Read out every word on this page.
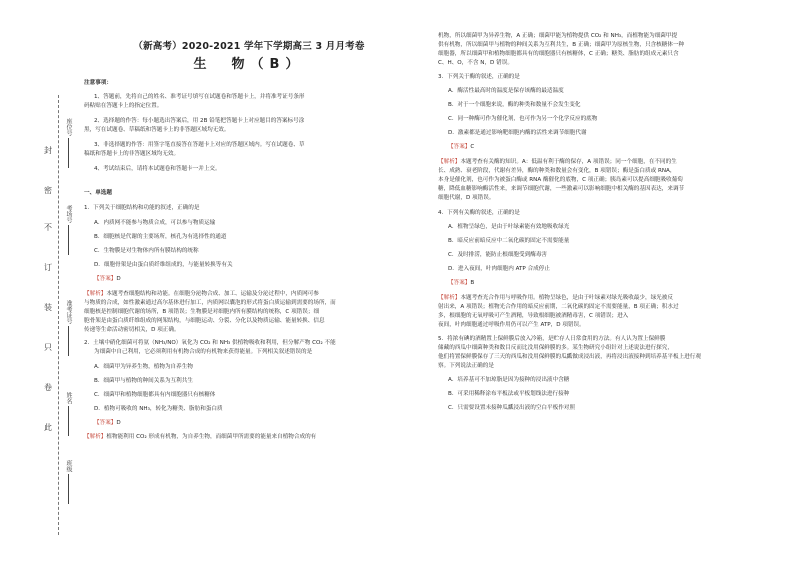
座位号
考场号
准考证号
姓名
班级
封
密
不
订
装
只
卷
此
（新高考）2020-2021 学年下学期高三 3 月月考卷
生　物（B）
注意事项：
1、答题前，先将自己的姓名、准考证号填写在试题卷和答题卡上，并将准考证号条形
码粘贴在答题卡上的指定位置。
2、选择题的作答：每小题选出答案后，用 2B 铅笔把答题卡上对应题目的答案标号涂
黑，写在试题卷、草稿纸和答题卡上的非答题区域均无效。
3、非选择题的作答：用签字笔直接答在答题卡上对应的答题区域内。写在试题卷、草
稿纸和答题卡上的非答题区域均无效。
4、考试结束后，请将本试题卷和答题卡一并上交。
一、单选题
1．下列关于细胞结构和功能的叙述，正确的是
A．内质网不能参与物质合成，可以参与物质运输
B．细胞核是代谢的主要场所，核孔为有选择性的通道
C．生物膜是对生物体内所有膜结构的统称
D．细胞骨架是由蛋白质纤维组成的，与能量转换等有关
【答案】D
【解析】本题考查细胞结构和功能。在细胞分泌物合成、加工、运输及分泌过程中，内质网可参
与物质的合成，如性激素通过高尔基体进行加工，内质网以囊泡的形式将蛋白质运输到需要的场所，而
细胞核是控制细胞代谢的场所，B 项错误；生物膜是对细胞内所有膜结构的统称，C 项错误；细
胞骨架是由蛋白质纤维组成的网架结构，与细胞运动、分裂、分化以及物质运输、能量转换、信息
传递等生命活动密切相关，D 项正确。
2．土壤中硝化细菌可将氨（NH₃/NO）氧化为 CO₂ 和 NH₃ 供植物吸收和利用，但分解产物 CO₂ 不能
为细菌中自己利用，它必须利用有机物合成的有机物来获得能量。下列相关叙述错误的是
A．细菌甲为异养生物，植物为自养生物
B．细菌甲与植物的种间关系为互利共生
C．细菌甲和植物细胞都具有内细胞器只有核糖体
D．植物可吸收的 NH₃，转化为糖类、脂肪和蛋白质
【答案】D
【解析】植物能利用 CO₂ 形成有机物，为自养生物，而细菌甲所需要的能量来自植物合成的有
机物，所以细菌甲为异养生物，A 正确；细菌甲能为植物提供 CO₂ 和 NH₃，而植物能为细菌甲提
供有机物，所以细菌甲与植物的种间关系为互利共生，B 正确；细菌甲为原核生物，只含核糖体一种
细胞器，所以细菌甲和植物细胞都具有的细胞器只有核糖体，C 正确；糖类、脂肪的组成元素只含
C、H、O，不含 N，D 错误。
3．下列关于酶的叙述，正确的是
A．酶活性最高时的温度是保存该酶的最适温度
B．对于一个细胞来说，酶的种类和数量不会发生变化
C．同一种酶可作为催化剂，也可作为另一个化学反应的底物
D．激素都是通过影响靶细胞内酶的活性来调节细胞代谢
【答案】C
【解析】本题考查有关酶的知识。A：低温有利于酶的保存，A 项错误；同一个细胞，在不同的生
长、成熟、衰老阶段，代谢有差异，酶的种类和数量会有变化，B 项错误；酶是蛋白质或 RNA，
本身是催化剂，也可作为被蛋白酶或 RNA 酶催化的底物，C 项正确；胰岛素可以提高细胞吸收葡萄
糖，降低血糖影响酶活性来，来调节细胞代谢，一些激素可以影响细胞中相关酶的基因表达，来调节
细胞代谢，D 项错误。
4．下列有关酶的叙述，正确的是
A．植物呈绿色，是由于叶绿素能有效地吸收绿光
B．暗反应前暗反应中二氧化碳的固定不需要能量
C．及时排涝，能防止根细胞受到酶毒害
D．进入夜间，叶肉细胞内 ATP 合成停止
【答案】B
【解析】本题考查光合作用与呼吸作用。植物呈绿色，是由于叶绿素对绿光吸收最少，绿光被反
射出来，A 项错误；植物光合作用的暗反应前期，二氧化碳的固定不需要能量，B 项正确；积水过
多，根细胞的无氧呼吸可产生酒精，导致根细胞被酒精毒害，C 项错误；进入
夜间，叶肉细胞通过呼吸作用仍可以产生 ATP，D 项错误。
5．将浓有碘的酒精置上保鲜膜后放入冷箱，是贮存人日常食用的方法。有人认为置上保鲜膜
储藏的西瓜中细菌种类和数目反而比没用保鲜膜的多。某生物研究小组针对上述说法进行探究，
他们将置保鲜膜保存了三天的西瓜和没用保鲜膜的瓜瓤做成浸出液，再将浸出液接种到培养基平板上进行观
察。下列说法正确的是
A．培养基可不加琼脂是因为接种的浸出液中含糖
B．可采用稀释涂布平板法或平板划线法进行接种
C．只需要设置未接种瓜瓤浸出液的空白平板作对照
